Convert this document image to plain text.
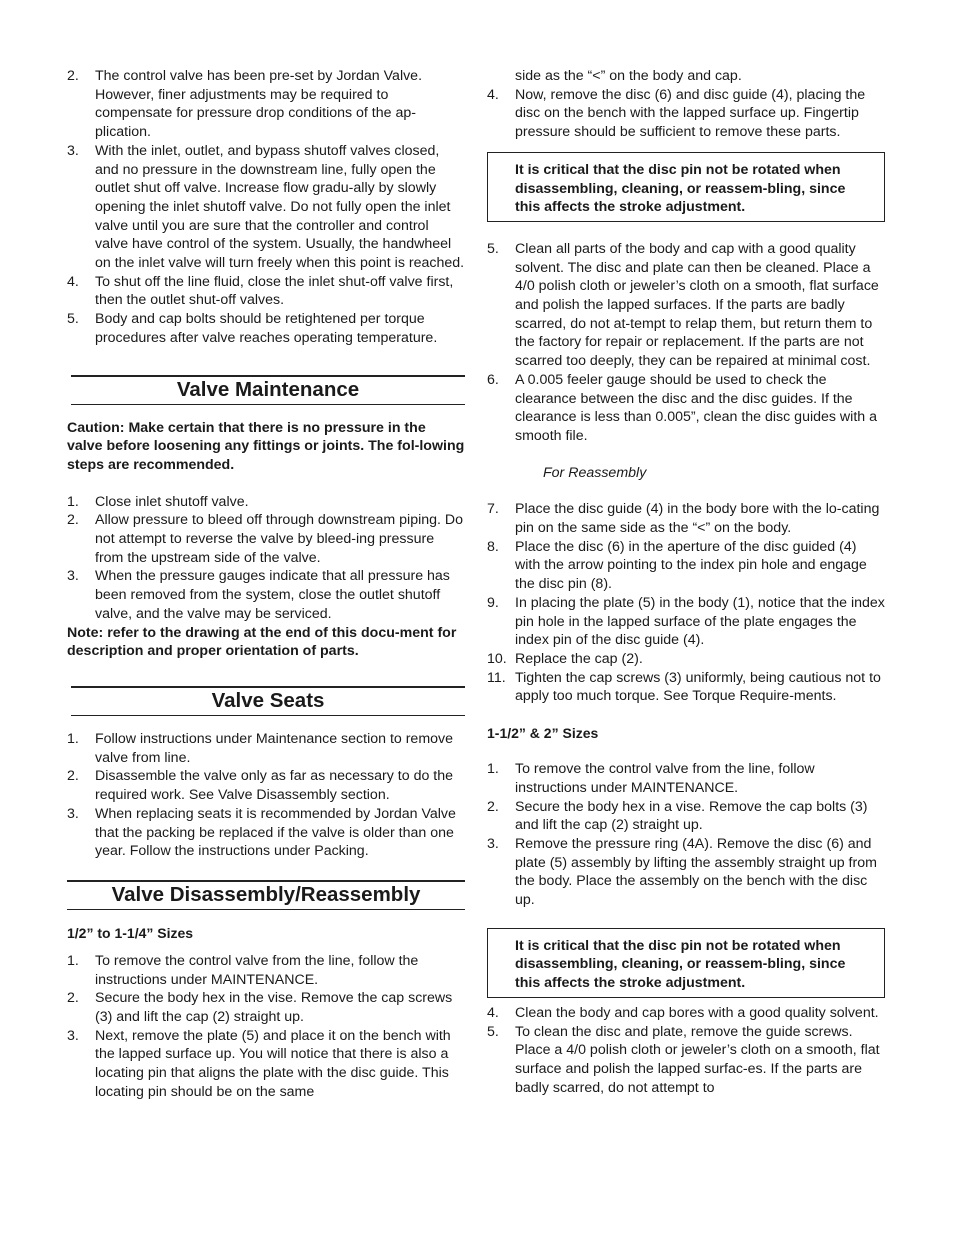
2.	The control valve has been pre-set by Jordan Valve. However, finer adjustments may be required to compensate for pressure drop conditions of the ap-plication.
3.	With the inlet, outlet, and bypass shutoff valves closed, and no pressure in the downstream line, fully open the outlet shut off valve. Increase flow gradu-ally by slowly opening the inlet shutoff valve. Do not fully open the inlet valve until you are sure that the controller and control valve have control of the system. Usually, the handwheel on the inlet valve will turn freely when this point is reached.
4.	To shut off the line fluid, close the inlet shut-off valve first, then the outlet shut-off valves.
5.	Body and cap bolts should be retightened per torque procedures after valve reaches operating temperature.
Valve Maintenance
Caution: Make certain that there is no pressure in the valve before loosening any fittings or joints. The fol-lowing steps are recommended.
1.	Close inlet shutoff valve.
2.	Allow pressure to bleed off through downstream piping. Do not attempt to reverse the valve by bleed-ing pressure from the upstream side of the valve.
3.	When the pressure gauges indicate that all pressure has been removed from the system, close the outlet shutoff valve, and the valve may be serviced.
Note: refer to the drawing at the end of this docu-ment for description and proper orientation of parts.
Valve Seats
1.	Follow instructions under Maintenance section to remove valve from line.
2.	Disassemble the valve only as far as necessary to do the required work. See Valve Disassembly section.
3.	When replacing seats it is recommended by Jordan Valve that the packing be replaced if the valve is older than one year. Follow the instructions under Packing.
Valve Disassembly/Reassembly
1/2” to 1-1/4” Sizes
1.	To remove the control valve from the line, follow the instructions under MAINTENANCE.
2.	Secure the body hex in the vise. Remove the cap screws (3) and lift the cap (2) straight up.
3.	Next, remove the plate (5) and place it on the bench with the lapped surface up. You will notice that there is also a locating pin that aligns the plate with the disc guide. This locating pin should be on the same
side as the “<” on the body and cap.
4.	Now, remove the disc (6) and disc guide (4), placing the disc on the bench with the lapped surface up. Fingertip pressure should be sufficient to remove these parts.
It is critical that the disc pin not be rotated when disassembling, cleaning, or reassem-bling, since this affects the stroke adjustment.
5.	Clean all parts of the body and cap with a good quality solvent. The disc and plate can then be cleaned. Place a 4/0 polish cloth or jeweler’s cloth on a smooth, flat surface and polish the lapped surfaces. If the parts are badly scarred, do not at-tempt to relap them, but return them to the factory for repair or replacement. If the parts are not scarred too deeply, they can be repaired at minimal cost.
6.	A 0.005 feeler gauge should be used to check the clearance between the disc and the disc guides. If the clearance is less than 0.005”, clean the disc guides with a smooth file.
For Reassembly
7.	Place the disc guide (4) in the body bore with the lo-cating pin on the same side as the “<” on the body.
8.	Place the disc (6) in the aperture of the disc guided (4) with the arrow pointing to the index pin hole and engage the disc pin (8).
9.	In placing the plate (5) in the body (1), notice that the index pin hole in the lapped surface of the plate engages the index pin of the disc guide (4).
10. Replace the cap (2).
11. Tighten the cap screws (3) uniformly, being cautious not to apply too much torque. See Torque Require-ments.
1-1/2” & 2” Sizes
1.	To remove the control valve from the line, follow instructions under MAINTENANCE.
2.	Secure the body hex in a vise. Remove the cap bolts (3) and lift the cap (2) straight up.
3.	Remove the pressure ring (4A). Remove the disc (6) and plate (5) assembly by lifting the assembly straight up from the body. Place the assembly on the bench with the disc up.
It is critical that the disc pin not be rotated when disassembling, cleaning, or reassem-bling, since this affects the stroke adjustment.
4.	Clean the body and cap bores with a good quality solvent.
5.	To clean the disc and plate, remove the guide screws. Place a 4/0 polish cloth or jeweler’s cloth on a smooth, flat surface and polish the lapped surfac-es. If the parts are badly scarred, do not attempt to
